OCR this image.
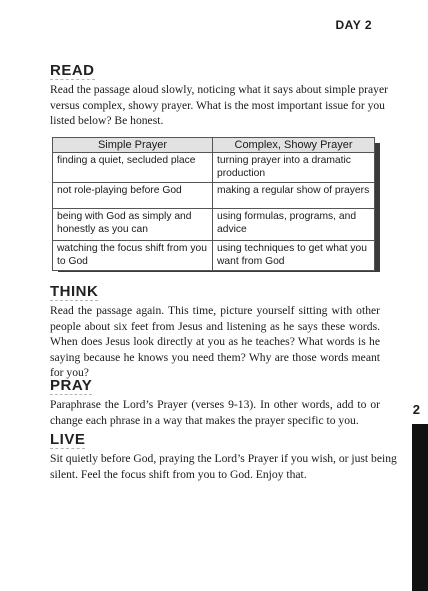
DAY 2
READ

Read the passage aloud slowly, noticing what it says about simple prayer
versus complex, showy prayer. What is the most important issue for you
listed below? Be honest.

Simple Prayer	Complex, Showy Prayer
finding a quiet, secluded place	turning prayer into a dramatic production
not role-playing before God	making a regular show of prayers
being with God as simply and honestly as you can	using formulas, programs, and advice
watching the focus shift from you to God	using techniques to get what you want from God
THINK

Read the passage again. This time, picture yourself sitting with other
people about six feet from Jesus and listening as he says these words.
When does Jesus look directly at you as he teaches? What words is he
saying because he knows you need them? Why are those words meant
for you?

PRAY

Paraphrase the Lord’s Prayer (verses 9-13). In other words, add to or
change each phrase in a way that makes the prayer specific to you.

LIVE

Sit quietly before God, praying the Lord’s Prayer if you wish, or just being
silent. Feel the focus shift from you to God. Enjoy that.

2
